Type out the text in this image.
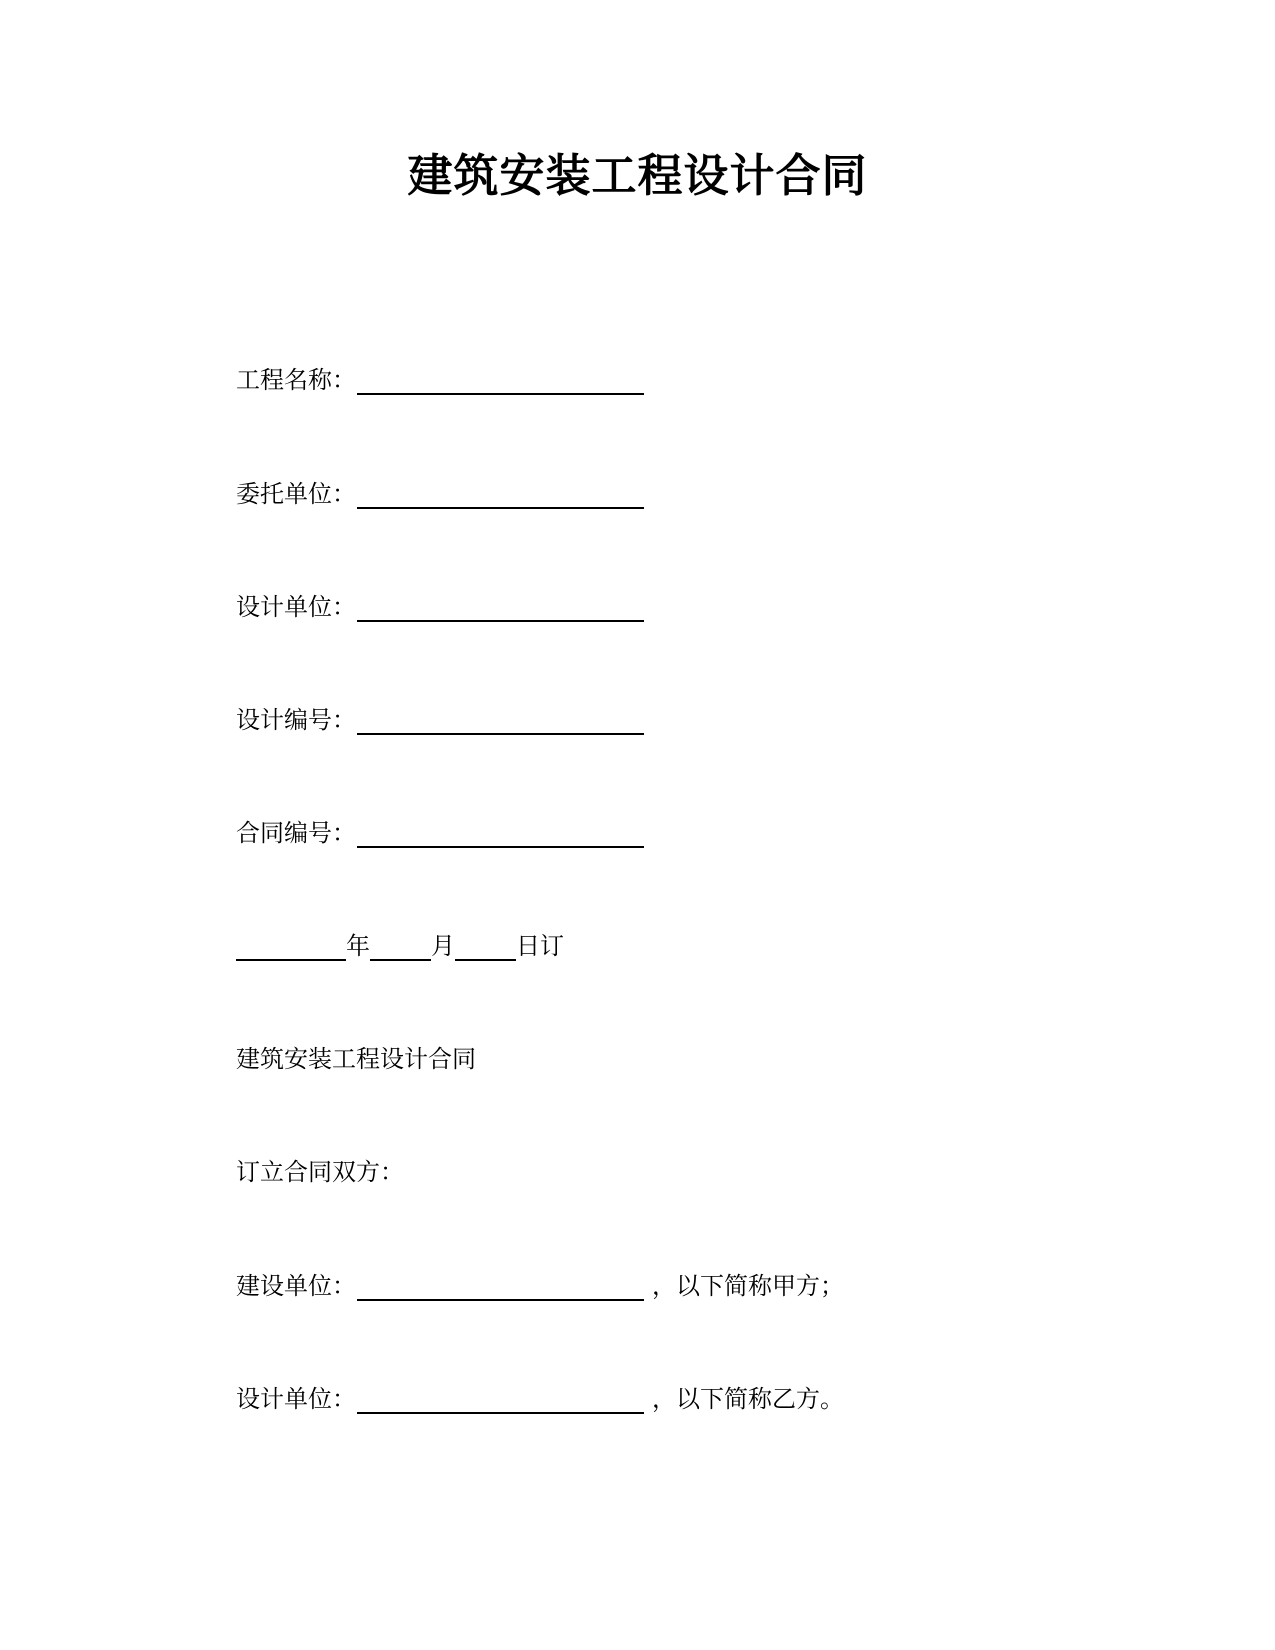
建筑安装工程设计合同
工程名称：
委托单位：
设计单位：
设计编号：
合同编号：
年	月	日订
建筑安装工程设计合同
订立合同双方：
建设单位：	，以下简称甲方；
设计单位：	，以下简称乙方。
